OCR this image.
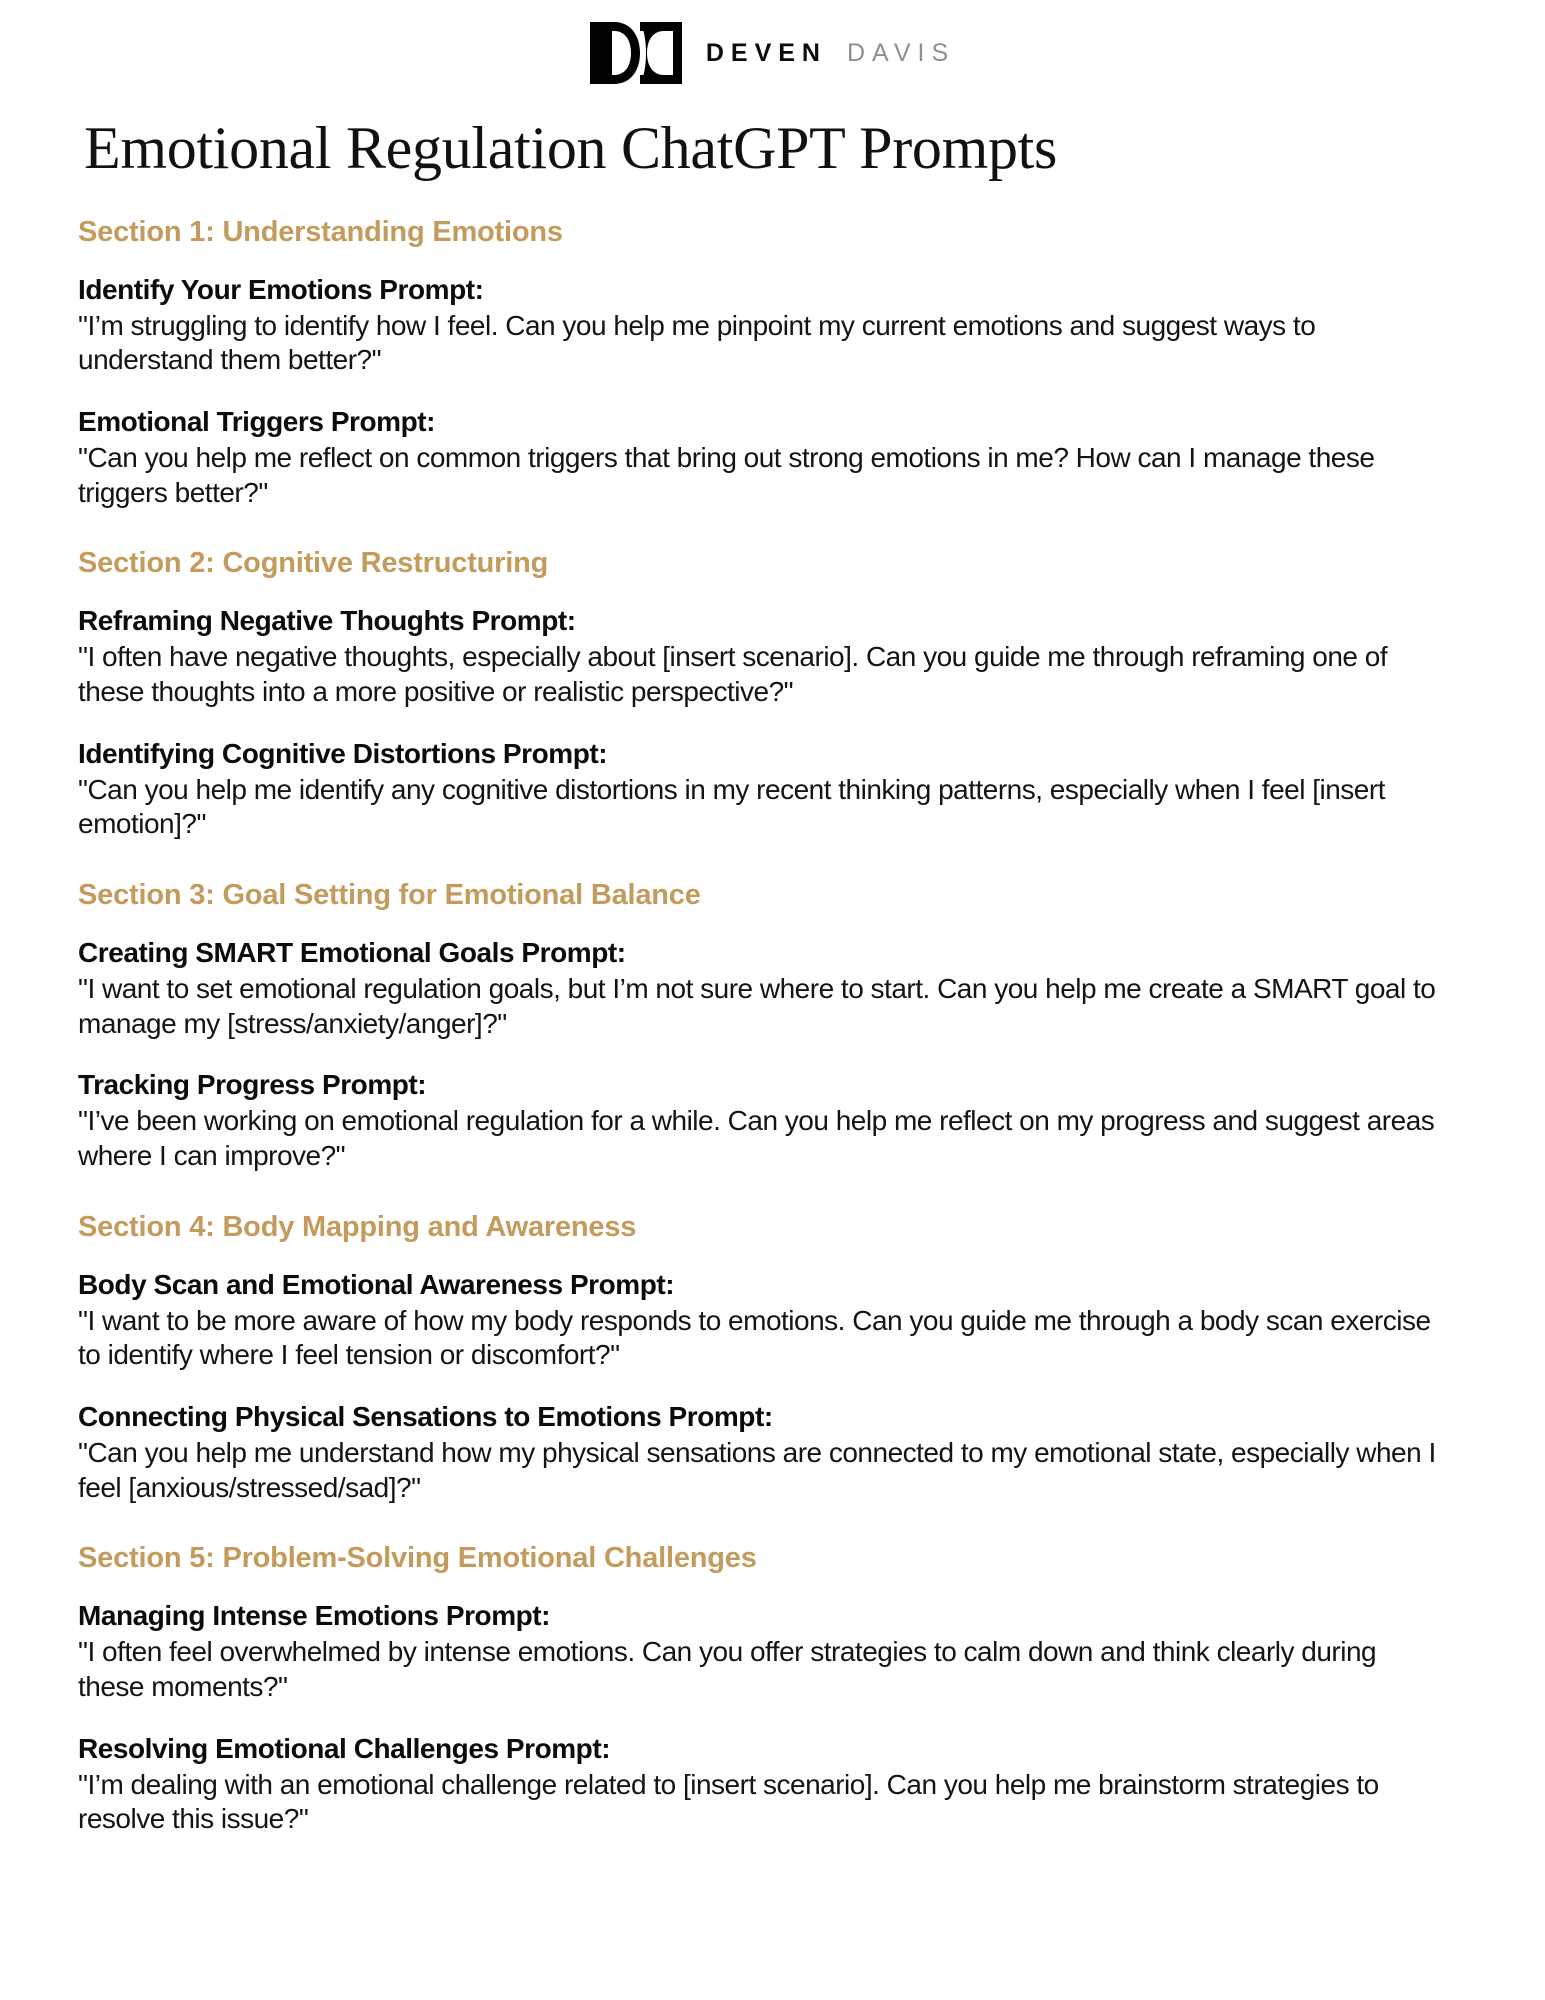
DEVEN DAVIS
Emotional Regulation ChatGPT Prompts
Section 1: Understanding Emotions
Identify Your Emotions Prompt:
"I’m struggling to identify how I feel. Can you help me pinpoint my current emotions and suggest ways to understand them better?"
Emotional Triggers Prompt:
"Can you help me reflect on common triggers that bring out strong emotions in me? How can I manage these triggers better?"
Section 2: Cognitive Restructuring
Reframing Negative Thoughts Prompt:
"I often have negative thoughts, especially about [insert scenario]. Can you guide me through reframing one of these thoughts into a more positive or realistic perspective?"
Identifying Cognitive Distortions Prompt:
"Can you help me identify any cognitive distortions in my recent thinking patterns, especially when I feel [insert emotion]?"
Section 3: Goal Setting for Emotional Balance
Creating SMART Emotional Goals Prompt:
"I want to set emotional regulation goals, but I’m not sure where to start. Can you help me create a SMART goal to manage my [stress/anxiety/anger]?"
Tracking Progress Prompt:
"I’ve been working on emotional regulation for a while. Can you help me reflect on my progress and suggest areas where I can improve?"
Section 4: Body Mapping and Awareness
Body Scan and Emotional Awareness Prompt:
"I want to be more aware of how my body responds to emotions. Can you guide me through a body scan exercise to identify where I feel tension or discomfort?"
Connecting Physical Sensations to Emotions Prompt:
"Can you help me understand how my physical sensations are connected to my emotional state, especially when I feel [anxious/stressed/sad]?"
Section 5: Problem-Solving Emotional Challenges
Managing Intense Emotions Prompt:
"I often feel overwhelmed by intense emotions. Can you offer strategies to calm down and think clearly during these moments?"
Resolving Emotional Challenges Prompt:
"I’m dealing with an emotional challenge related to [insert scenario]. Can you help me brainstorm strategies to resolve this issue?"
